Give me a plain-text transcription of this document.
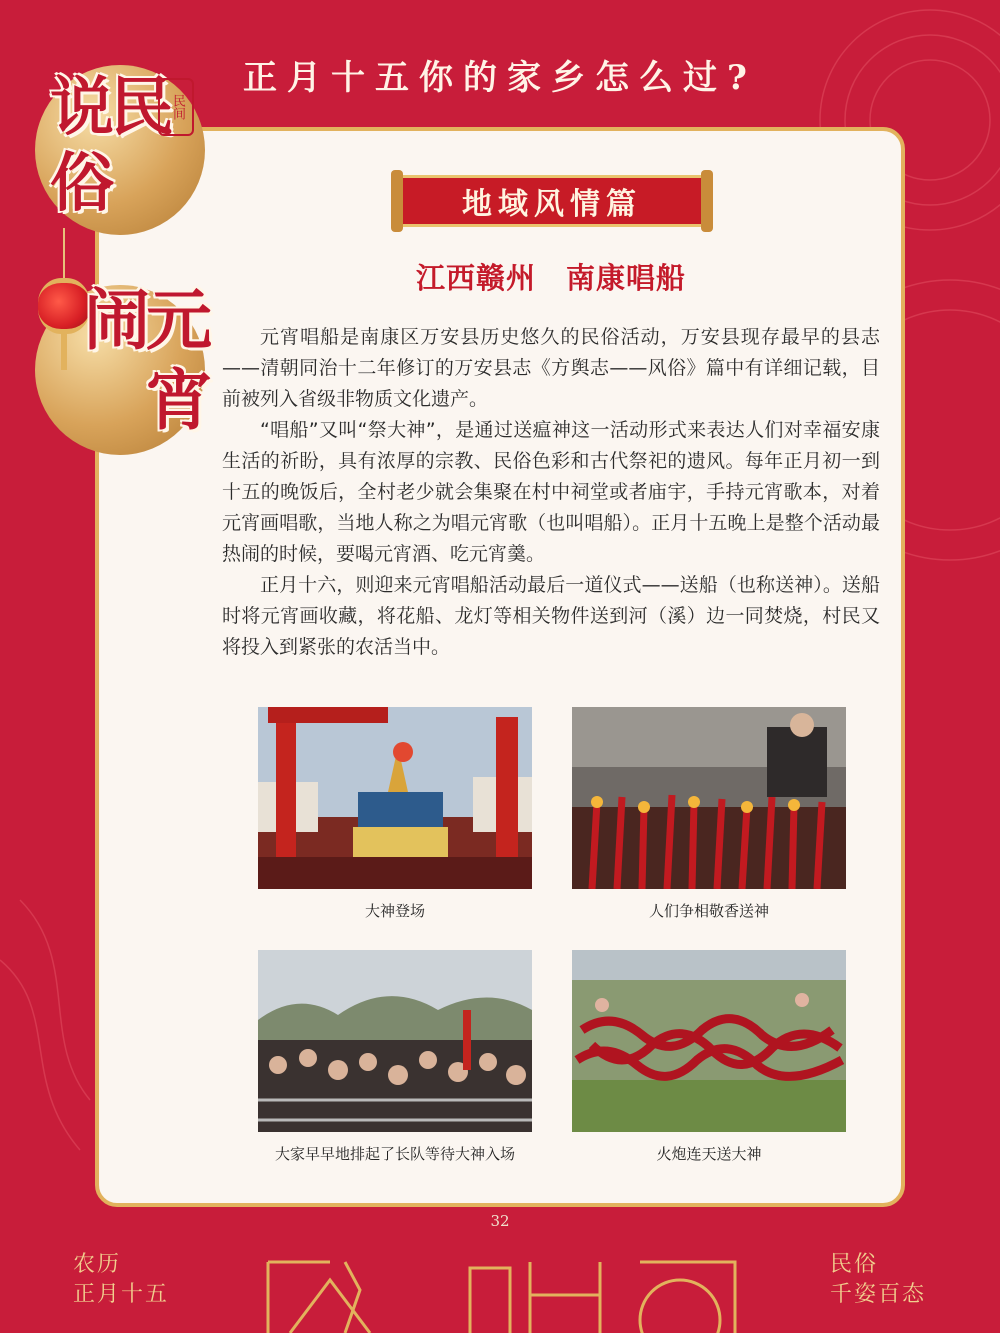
正月十五你的家乡怎么过?
说民俗
民间
闹元宵
地域风情篇
江西赣州　南康唱船

元宵唱船是南康区万安县历史悠久的民俗活动，万安县现存最早的县志——清朝同治十二年修订的万安县志《方舆志——风俗》篇中有详细记载，目前被列入省级非物质文化遗产。

“唱船”又叫“祭大神”，是通过送瘟神这一活动形式来表达人们对幸福安康生活的祈盼，具有浓厚的宗教、民俗色彩和古代祭祀的遗风。每年正月初一到十五的晚饭后，全村老少就会集聚在村中祠堂或者庙宇，手持元宵歌本，对着元宵画唱歌，当地人称之为唱元宵歌（也叫唱船）。正月十五晚上是整个活动最热闹的时候，要喝元宵酒、吃元宵羹。

正月十六，则迎来元宵唱船活动最后一道仪式——送船（也称送神）。送船时将元宵画收藏，将花船、龙灯等相关物件送到河（溪）边一同焚烧，村民又将投入到紧张的农活当中。

大神登场	人们争相敬香送神
大家早早地排起了长队等待大神入场	火炮连天送大神
32
农历
正月十五
民俗
千姿百态
